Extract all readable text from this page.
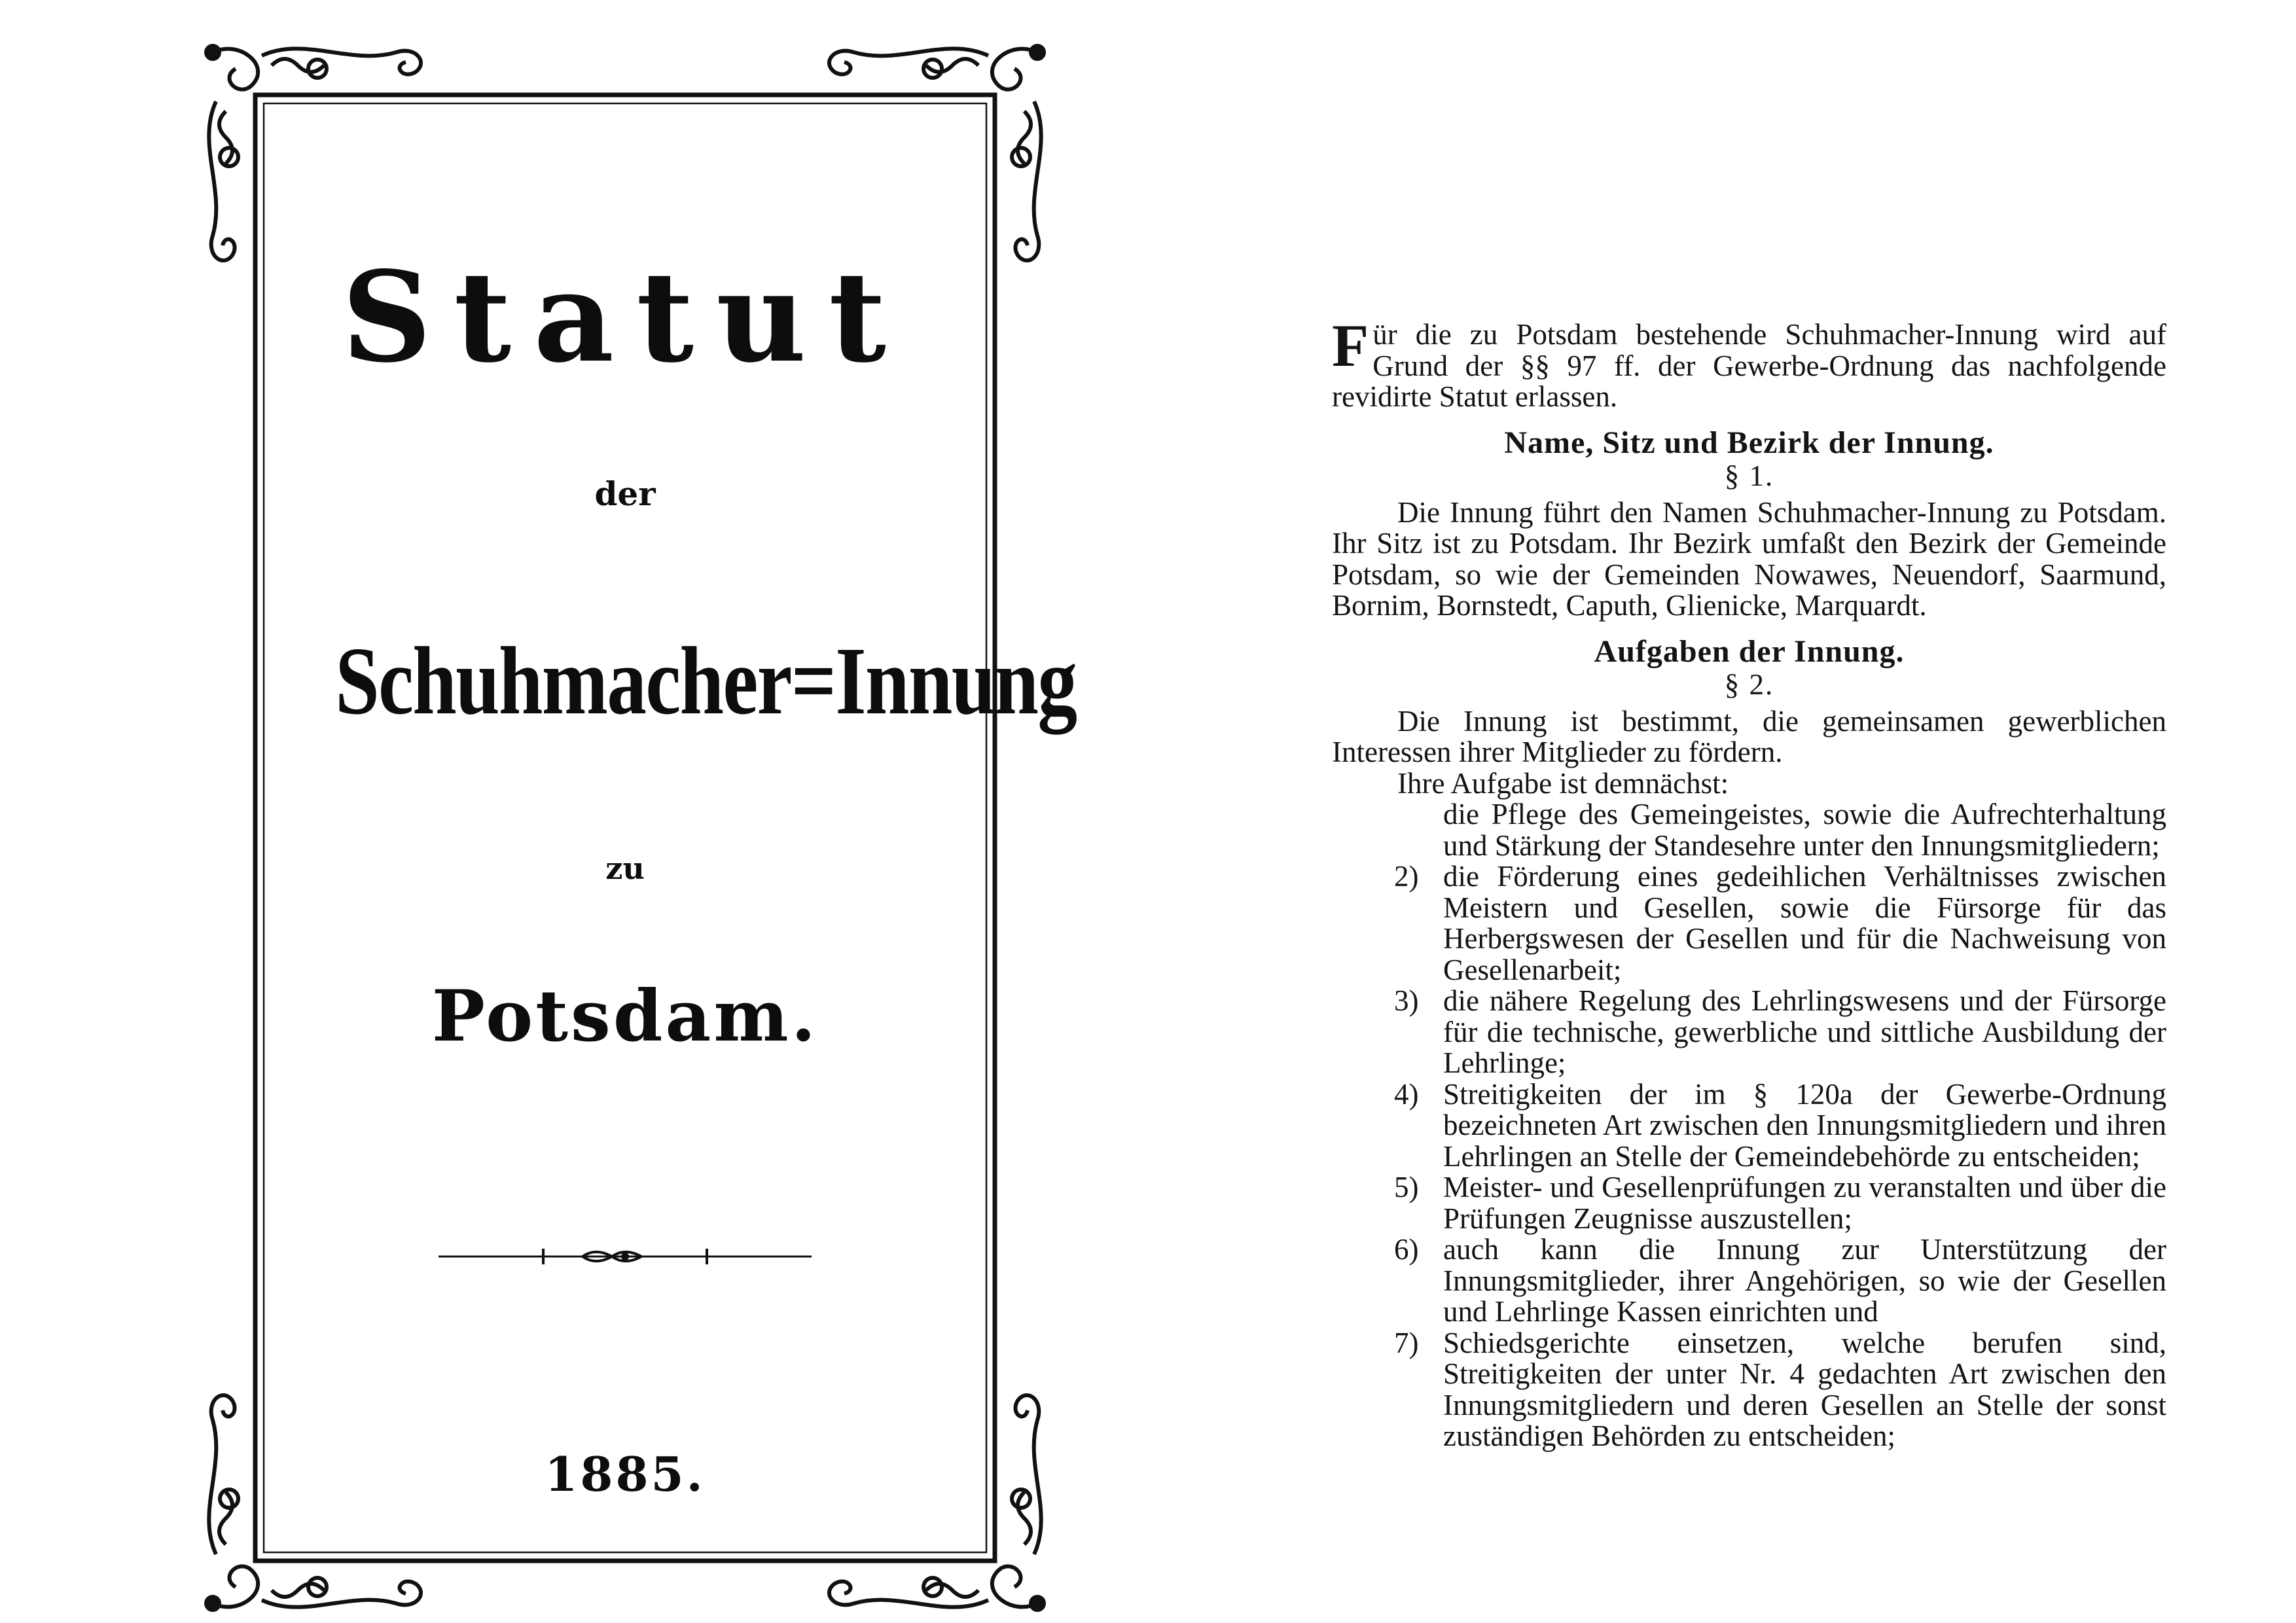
Statut
der
Schuhmacher=Innung
zu
Potsdam.
1885.

Für die zu Potsdam bestehende Schuhmacher-Innung wird auf Grund der §§ 97 ff. der Gewerbe-Ordnung das nachfolgende revidirte Statut erlassen.

Name, Sitz und Bezirk der Innung.
§ 1.

Die Innung führt den Namen Schuhmacher-Innung zu Potsdam. Ihr Sitz ist zu Potsdam. Ihr Bezirk umfaßt den Bezirk der Gemeinde Potsdam, so wie der Gemeinden Nowawes, Neuendorf, Saarmund, Bornim, Bornstedt, Caputh, Glienicke, Marquardt.

Aufgaben der Innung.
§ 2.

Die Innung ist bestimmt, die gemeinsamen gewerblichen Interessen ihrer Mitglieder zu fördern.

Ihre Aufgabe ist demnächst:

die Pflege des Gemeingeistes, sowie die Aufrechterhaltung und Stärkung der Standesehre unter den Innungsmitgliedern;
2) die Förderung eines gedeihlichen Verhältnisses zwischen Meistern und Gesellen, sowie die Fürsorge für das Herbergswesen der Gesellen und für die Nachweisung von Gesellenarbeit;
3) die nähere Regelung des Lehrlingswesens und der Fürsorge für die technische, gewerbliche und sittliche Ausbildung der Lehrlinge;
4) Streitigkeiten der im § 120a der Gewerbe-Ordnung bezeichneten Art zwischen den Innungsmitgliedern und ihren Lehrlingen an Stelle der Gemeindebehörde zu entscheiden;
5) Meister- und Gesellenprüfungen zu veranstalten und über die Prüfungen Zeugnisse auszustellen;
6) auch kann die Innung zur Unterstützung der Innungsmitglieder, ihrer Angehörigen, so wie der Gesellen und Lehrlinge Kassen einrichten und
7) Schiedsgerichte einsetzen, welche berufen sind, Streitigkeiten der unter Nr. 4 gedachten Art zwischen den Innungsmitgliedern und deren Gesellen an Stelle der sonst zuständigen Behörden zu entscheiden;
